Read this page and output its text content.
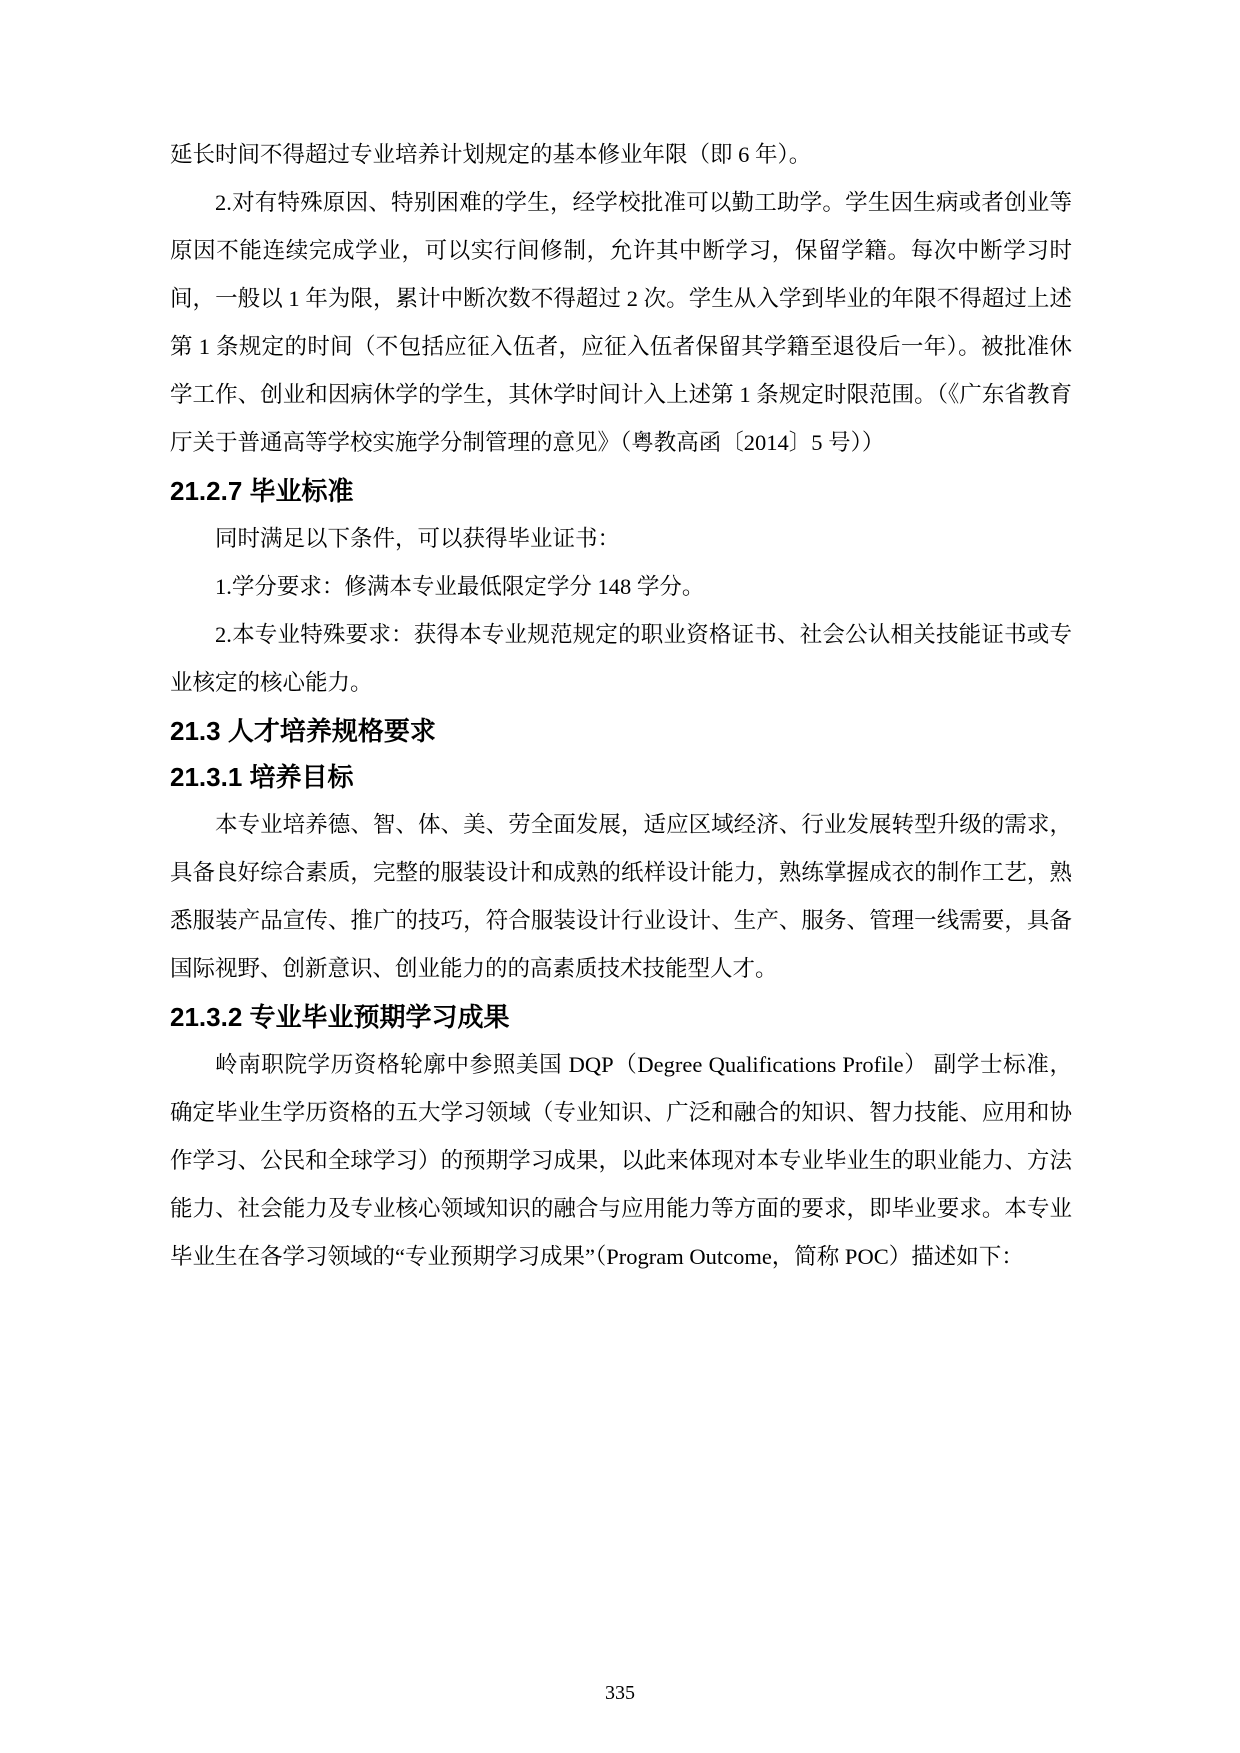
延长时间不得超过专业培养计划规定的基本修业年限（即 6 年）。

2.对有特殊原因、特别困难的学生，经学校批准可以勤工助学。学生因生病或者创业等原因不能连续完成学业，可以实行间修制，允许其中断学习，保留学籍。每次中断学习时间，一般以 1 年为限，累计中断次数不得超过 2 次。学生从入学到毕业的年限不得超过上述第 1 条规定的时间（不包括应征入伍者，应征入伍者保留其学籍至退役后一年）。被批准休学工作、创业和因病休学的学生，其休学时间计入上述第 1 条规定时限范围。（《广东省教育厅关于普通高等学校实施学分制管理的意见》（粤教高函〔2014〕5 号））

21.2.7 毕业标准

同时满足以下条件，可以获得毕业证书：

1.学分要求：修满本专业最低限定学分 148 学分。

2.本专业特殊要求：获得本专业规范规定的职业资格证书、社会公认相关技能证书或专业核定的核心能力。

21.3 人才培养规格要求
21.3.1 培养目标

本专业培养德、智、体、美、劳全面发展，适应区域经济、行业发展转型升级的需求，具备良好综合素质，完整的服装设计和成熟的纸样设计能力，熟练掌握成衣的制作工艺，熟悉服装产品宣传、推广的技巧，符合服装设计行业设计、生产、服务、管理一线需要，具备国际视野、创新意识、创业能力的的高素质技术技能型人才。

21.3.2 专业毕业预期学习成果

岭南职院学历资格轮廓中参照美国 DQP（Degree Qualifications Profile） 副学士标准，确定毕业生学历资格的五大学习领域（专业知识、广泛和融合的知识、智力技能、应用和协作学习、公民和全球学习）的预期学习成果，以此来体现对本专业毕业生的职业能力、方法能力、社会能力及专业核心领域知识的融合与应用能力等方面的要求，即毕业要求。本专业毕业生在各学习领域的“专业预期学习成果”（Program Outcome，简称 POC）描述如下：

335
